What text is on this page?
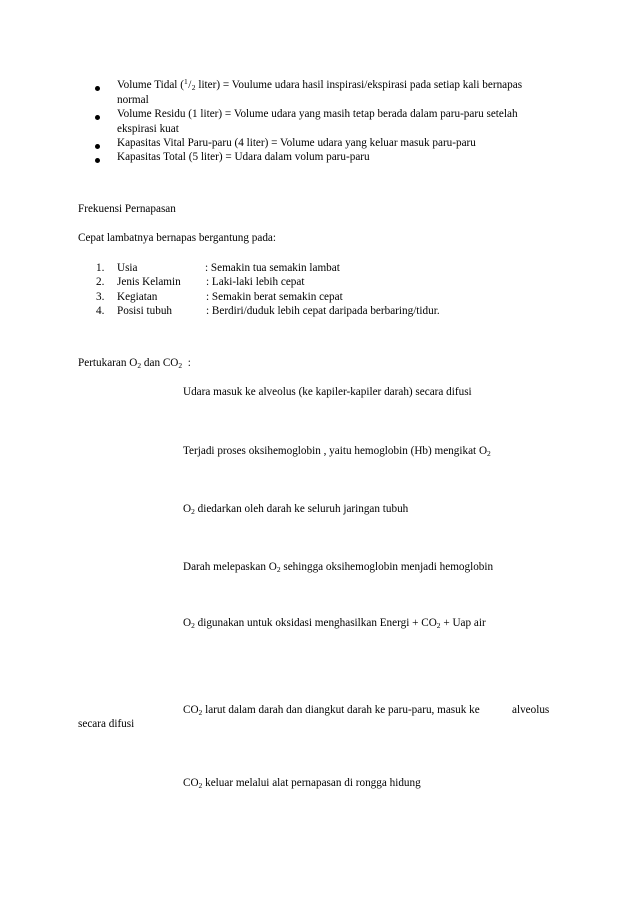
Volume Tidal ($^1/_2$ liter) = Voulume udara hasil inspirasi/ekspirasi pada setiap kali bernapas
normal
Volume Residu (1 liter) = Volume udara yang masih tetap berada dalam paru-paru setelah
ekspirasi kuat
Kapasitas Vital Paru-paru (4 liter) = Volume udara yang keluar masuk paru-paru
Kapasitas Total (5 liter) = Udara dalam volum paru-paru
Frekuensi Pernapasan
Cepat lambatnya bernapas bergantung pada:
1. Usia	: Semakin tua semakin lambat
2. Jenis Kelamin : Laki-laki lebih cepat
3. Kegiatan	: Semakin berat semakin cepat
4. Posisi tubuh	: Berdiri/duduk lebih cepat daripada berbaring/tidur.
Pertukaran $O_2$ dan $CO_2$  :
Udara masuk ke alveolus (ke kapiler-kapiler darah) secara difusi
Terjadi proses oksihemoglobin , yaitu hemoglobin (Hb) mengikat $O_2$
$O_2$ diedarkan oleh darah ke seluruh jaringan tubuh
Darah melepaskan $O_2$ sehingga oksihemoglobin menjadi hemoglobin
$O_2$ digunakan untuk oksidasi menghasilkan Energi + $CO_2$ + Uap air
$CO_2$ larut dalam darah dan diangkut darah ke paru-paru, masuk ke	alveolus
secara difusi
$CO_2$ keluar melalui alat pernapasan di rongga hidung
